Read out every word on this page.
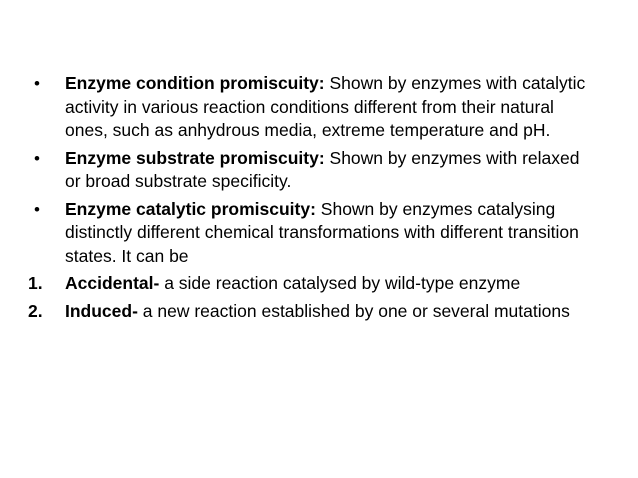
•	Enzyme condition promiscuity: Shown by enzymes with catalytic activity in various reaction conditions different from their natural ones, such as anhydrous media, extreme temperature and pH.
•	Enzyme substrate promiscuity: Shown by enzymes with relaxed or broad substrate specificity.
•	Enzyme catalytic promiscuity: Shown by enzymes catalysing distinctly different chemical transformations with different transition states. It can be
1.	Accidental- a side reaction catalysed by wild-type enzyme
2.	Induced- a new reaction established by one or several mutations
